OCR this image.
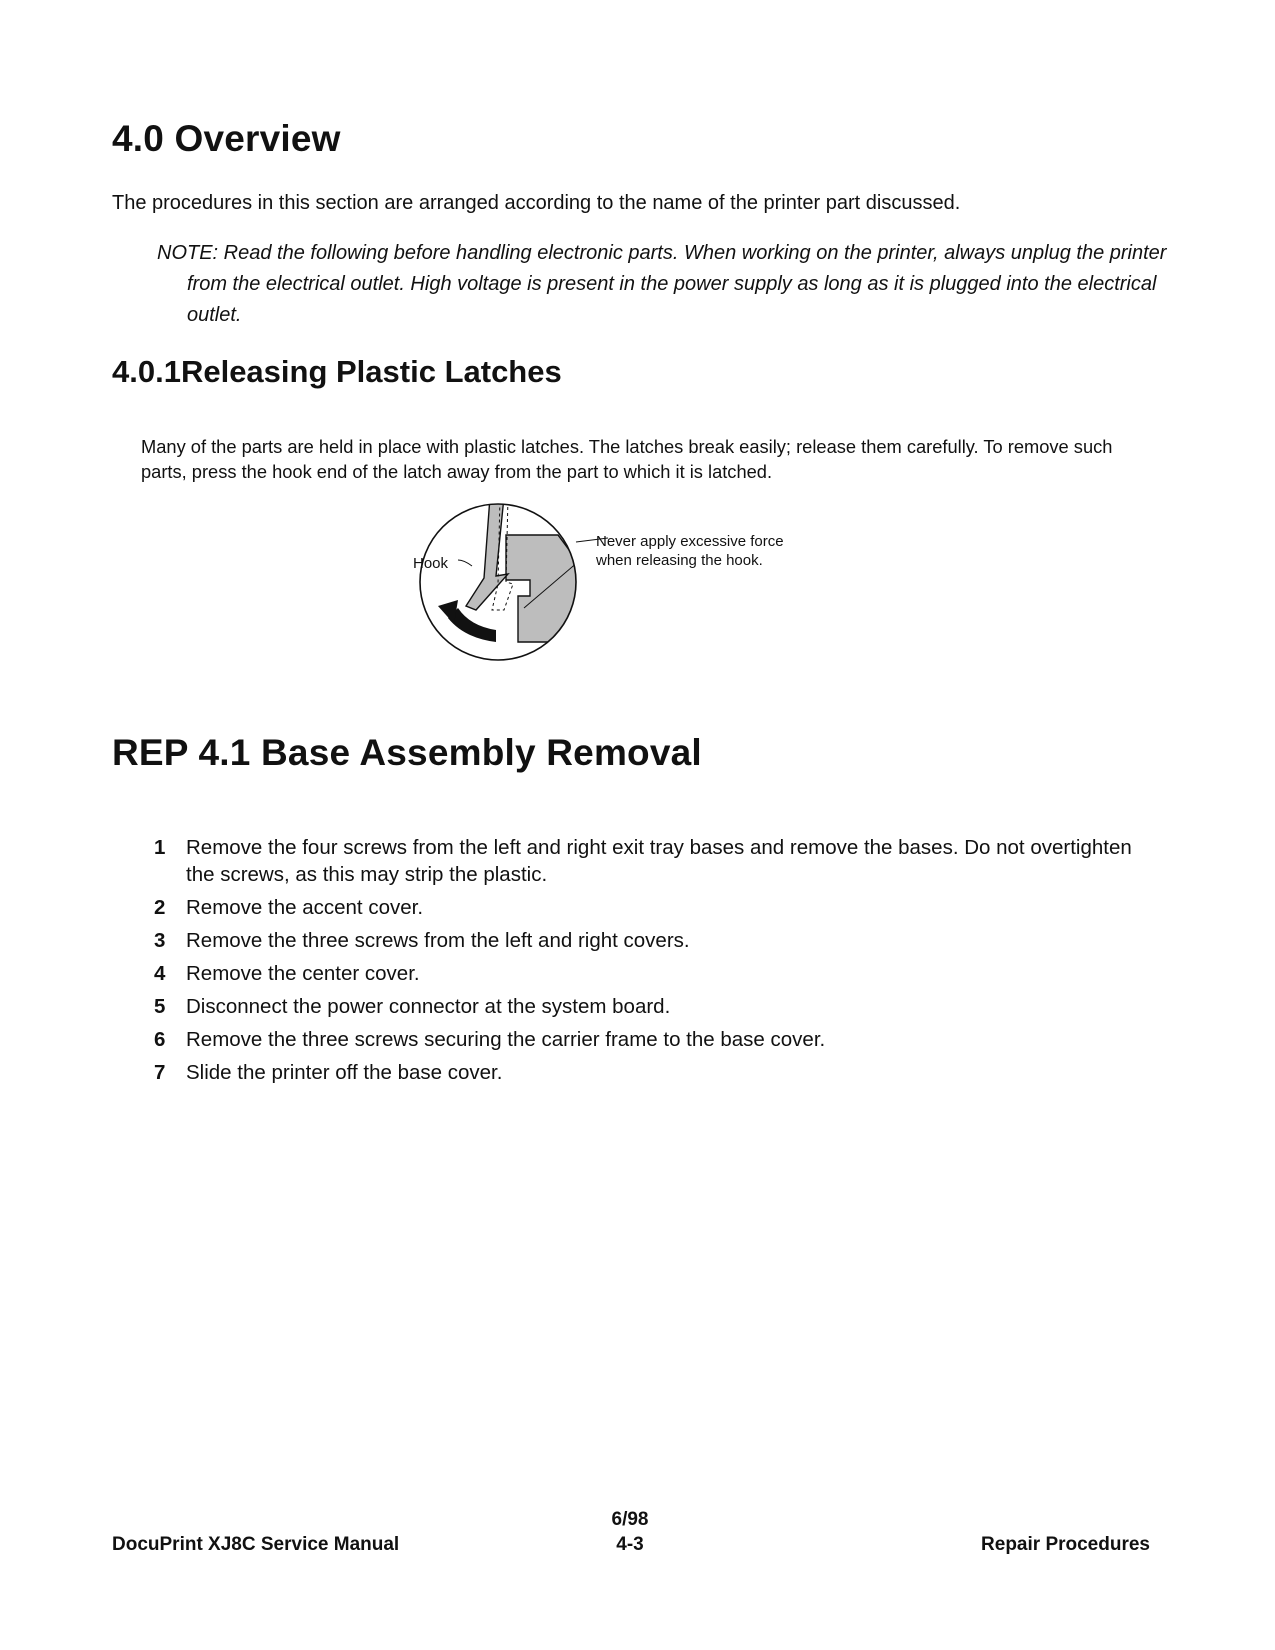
4.0 Overview

The procedures in this section are arranged according to the name of the printer part discussed.

NOTE: Read the following before handling electronic parts. When working on the printer, always unplug the printer from the electrical outlet. High voltage is present in the power supply as long as it is plugged into the electrical outlet.

4.0.1Releasing Plastic Latches

Many of the parts are held in place with plastic latches. The latches break easily; release them carefully. To remove such parts, press the hook end of the latch away from the part to which it is latched.

Hook
Never apply excessive force
when releasing the hook.
REP 4.1 Base Assembly Removal
1 Remove the four screws from the left and right exit tray bases and remove the bases. Do not overtighten the screws, as this may strip the plastic.
2 Remove the accent cover.
3 Remove the three screws from the left and right covers.
4 Remove the center cover.
5 Disconnect the power connector at the system board.
6 Remove the three screws securing the carrier frame to the base cover.
7 Slide the printer off the base cover.
6/98
DocuPrint XJ8C Service Manual	4-3	Repair Procedures
